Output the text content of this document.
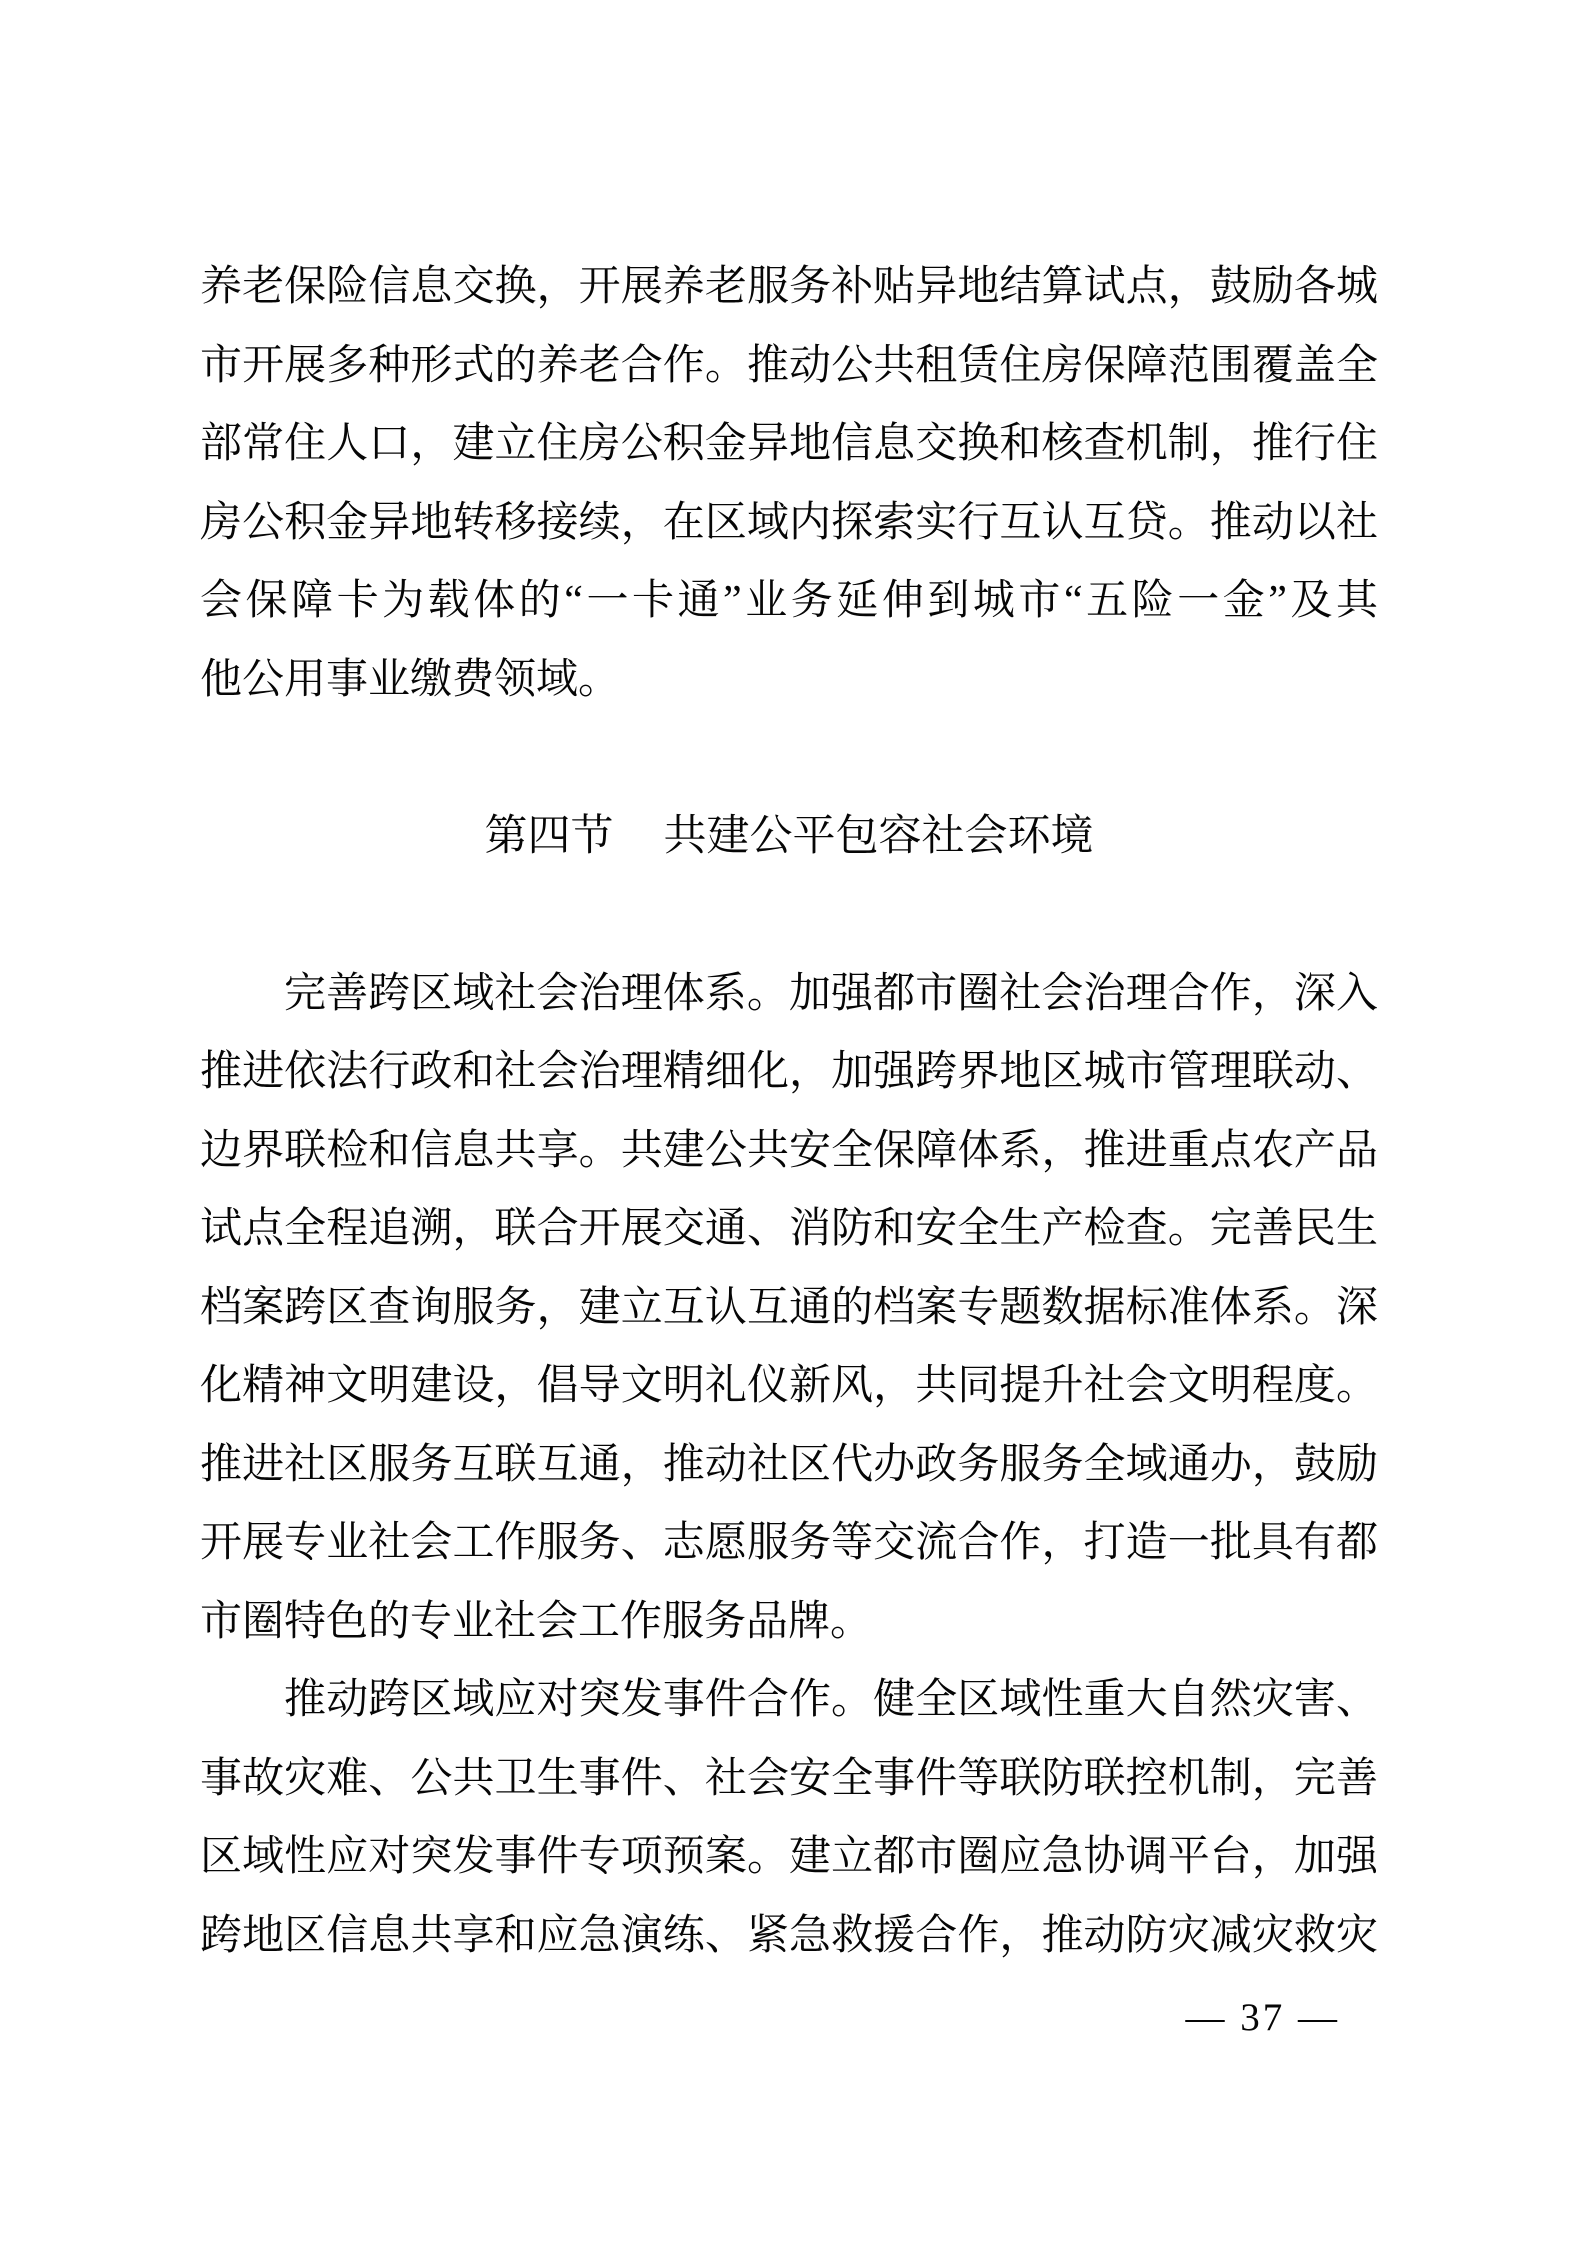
养老保险信息交换，开展养老服务补贴异地结算试点，鼓励各城
市开展多种形式的养老合作。推动公共租赁住房保障范围覆盖全
部常住人口，建立住房公积金异地信息交换和核查机制，推行住
房公积金异地转移接续，在区域内探索实行互认互贷。推动以社
会保障卡为载体的“一卡通”业务延伸到城市“五险一金”及其
他公用事业缴费领域。
第四节 共建公平包容社会环境
完善跨区域社会治理体系。加强都市圈社会治理合作，深入
推进依法行政和社会治理精细化，加强跨界地区城市管理联动、
边界联检和信息共享。共建公共安全保障体系，推进重点农产品
试点全程追溯，联合开展交通、消防和安全生产检查。完善民生
档案跨区查询服务，建立互认互通的档案专题数据标准体系。深
化精神文明建设，倡导文明礼仪新风，共同提升社会文明程度。
推进社区服务互联互通，推动社区代办政务服务全域通办，鼓励
开展专业社会工作服务、志愿服务等交流合作，打造一批具有都
市圈特色的专业社会工作服务品牌。
推动跨区域应对突发事件合作。健全区域性重大自然灾害、
事故灾难、公共卫生事件、社会安全事件等联防联控机制，完善
区域性应对突发事件专项预案。建立都市圈应急协调平台，加强
跨地区信息共享和应急演练、紧急救援合作，推动防灾减灾救灾
— 37 —
